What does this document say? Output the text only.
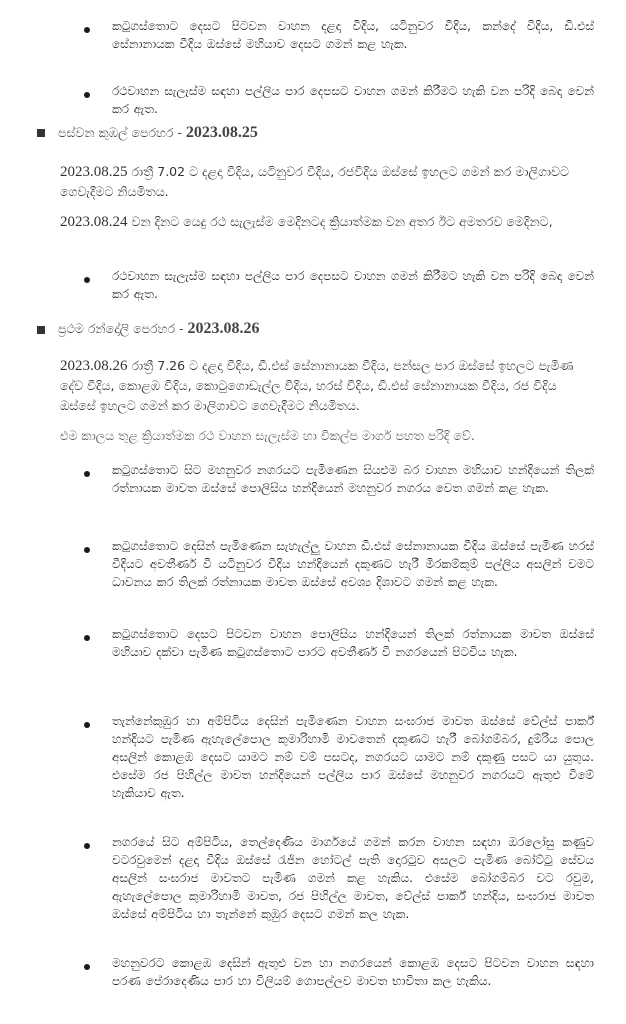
කටුගස්තොට දෙසට පිටවන වාහන දළදා වීදිය, යටිනුවර වීදිය, කන්දේ වීදිය, ඩී.එස් සේනානායක වීදිය ඔස්සේ මහියාව දෙසට ගමන් කළ හැක.
රථවාහන සැලැස්ම සඳහා පල්ලිය පාර දෙපසට වාහන ගමන් කිරීමට හැකි වන පරිදි බෙදා වෙන් කර ඇත.
පස්වන කුඹල් පෙරහර - 2023.08.25
2023.08.25 රාත්‍රී 7.02 ට දළදා වීදිය, යටිනුවර වීදිය, රජවීදිය ඔස්සේ ඉහලට ගමන් කර මාලිගාවට ගෙවැදීමට නියමිතය.
2023.08.24 වන දිනට යෙදු රථ සැලැස්ම මෙදිනටද ක්‍රියාත්මක වන අතර ඊට අමතරව මෙදිනට,
රථවාහන සැලැස්ම සඳහා පල්ලිය පාර දෙපසට වාහන ගමන් කිරීමට හැකි වන පරිදි බෙදා වෙන් කර ඇත.
ප්‍රථම රන්දෝලි පෙරහර - 2023.08.26
2023.08.26 රාත්‍රී 7.26 ට දළදා වීදිය, ඩී.එස් සේනානායක වීදිය, පන්සල පාර ඔස්සේ ඉහලට පැමිණ දේව වීදිය, කොළඹ වීදිය, කොටුගොඩැල්ල වීදිය, හරස් වීදිය, ඩී.එස් සේනානායක වීදිය, රජ වීදිය ඔස්සේ ඉහලට ගමන් කර මාලිගාවට ගෙවැදීමට නියමිතය.
එම කාලය තුළ ක්‍රියාත්මක රථ වාහන සැලැස්ම හා විකල්ප මාර්ග පහත පරිදි වේ.
කටුගස්තොට සිට මහනුවර නගරයට පැමිණෙන සියළුම බර වාහන මහියාව හන්දියෙන් තිලක් රත්නායක මාවත ඔස්සේ පොලිසිය හන්දියෙන් මහනුවර නගරය වෙත ගමන් කළ හැක.
කටුගස්තොට දෙසින් පැමිණෙන සැහැල්ලු වාහන ඩී.එස් සේනානායක වීදිය ඔස්සේ පැමිණ හරස් වීදියට අවතීර්ණ වී යටිනුවර වීදිය හන්දියෙන් දකුණට හැරී මීරකම්කුම් පල්ලිය අසලින් වමට ධාවනය කර තිලක් රත්නායක මාවත ඔස්සේ අවශ්‍ය දිශාවට ගමන් කළ හැක.
කටුගස්තොට දෙසට පිටවන වාහන පොලිසිය හන්දියෙන් තිලක් රත්නායක මාවත ඔස්සේ මහියාව දක්වා පැමිණ කටුගස්තොට පාරට අවතීර්ණ වී නගරයෙන් පිටවිය හැක.
තැන්නේකුඹුර හා අම්පිටිය දෙසින් පැමිණෙන වාහන සංඝරාජ මාවත ඔස්සේ වේල්ස් පාර්ක් හන්දියට පැමිණ ඇහැලේපොල කුමාරිහාමි මාවතෙන් දකුණට හැරී බෝගම්බර, දුම්රිය පොල අසලින් කොළඹ දෙසට යාමට නම් වම් පසටද, නගරයට යාමට නම් දකුණු පසට යා යුතුය. එසේම රජ පිහිල්ල මාවත හන්දියෙන් පල්ලිය පාර ඔස්සේ මහනුවර නගරයට ඇතුළු වීමේ හැකියාව ඇත.
නගරයේ සිට අම්පිටිය, තෙල්දෙණිය මාර්ගයේ ගමන් කරන වාහන සඳහා ඔරලෝසු කණුව වටරවුමෙන් දළදා වීදිය ඔස්සේ රැජින හෝටල් පැති දොරටුව අසලට පැමිණ බෝට්ටු සේවය අසලින් සංඝරාජ මාවතට පැමිණ ගමන් කළ හැකිය. එසේම බෝගම්බර වට රවුම, ඇහැලේපොල කුමාරිහාමි මාවත, රජ පිහිල්ල මාවත, වේල්ස් පාර්ක් හන්දිය, සංඝරාජ මාවත ඔස්සේ අම්පිටිය හා තැන්නේ කුඹුර දෙසට ගමන් කල හැක.
මහනුවරට කොළඹ දෙසින් ඇතුළු වන හා නගරයෙන් කොළඹ දෙසට පිටවන වාහන සඳහා පරණ පේරාදෙණිය පාර හා විලියම් ගොපල්ලව මාවත භාවිතා කල හැකිය.
